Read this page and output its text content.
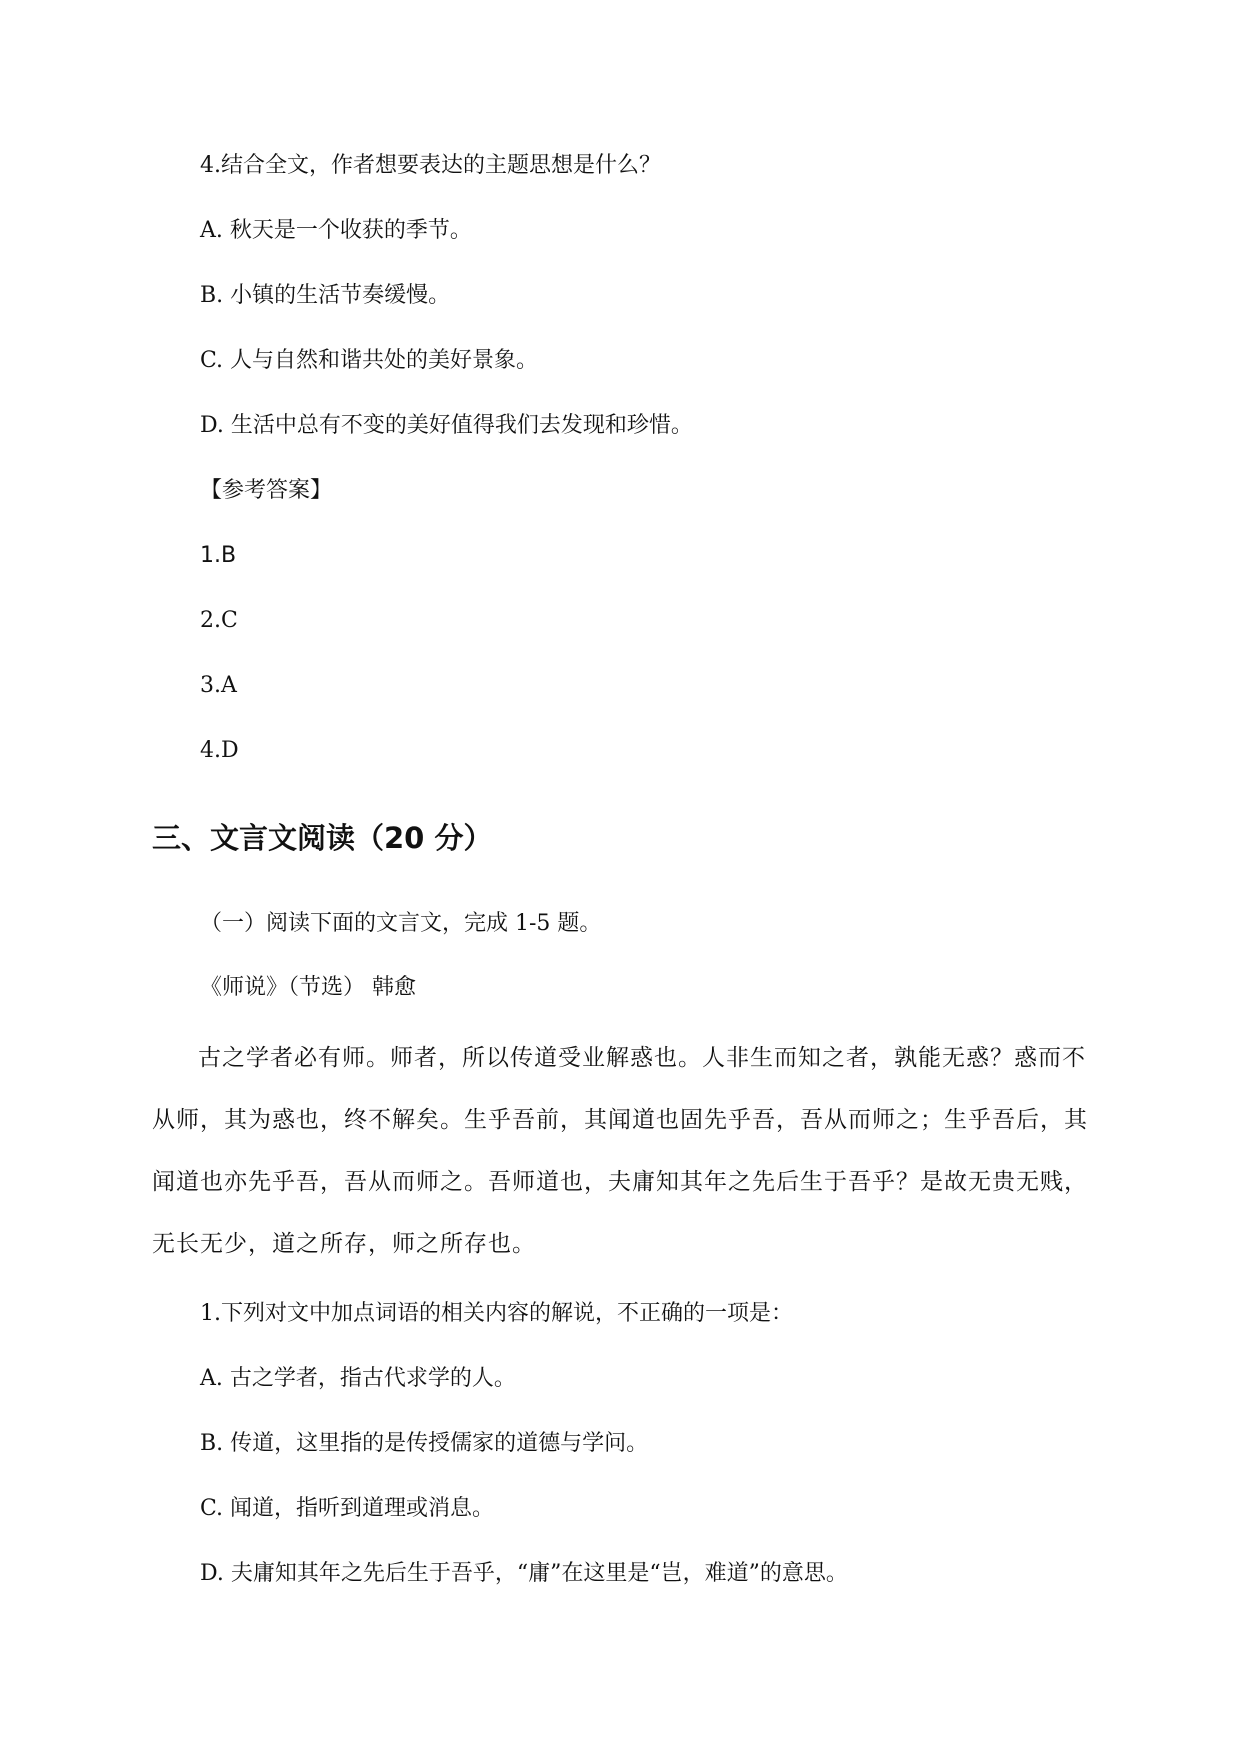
4.结合全文，作者想要表达的主题思想是什么？
A. 秋天是一个收获的季节。
B. 小镇的生活节奏缓慢。
C. 人与自然和谐共处的美好景象。
D. 生活中总有不变的美好值得我们去发现和珍惜。
【参考答案】
1.B
2.C
3.A
4.D
三、文言文阅读（20 分）
（一）阅读下面的文言文，完成 1-5 题。
《师说》（节选） 韩愈
古之学者必有师。师者，所以传道受业解惑也。人非生而知之者，孰能无惑？惑而不从师，其为惑也，终不解矣。生乎吾前，其闻道也固先乎吾，吾从而师之；生乎吾后，其闻道也亦先乎吾，吾从而师之。吾师道也，夫庸知其年之先后生于吾乎？是故无贵无贱，无长无少，道之所存，师之所存也。
1.下列对文中加点词语的相关内容的解说，不正确的一项是：
A. 古之学者，指古代求学的人。
B. 传道，这里指的是传授儒家的道德与学问。
C. 闻道，指听到道理或消息。
D. 夫庸知其年之先后生于吾乎，“庸”在这里是“岂，难道”的意思。
